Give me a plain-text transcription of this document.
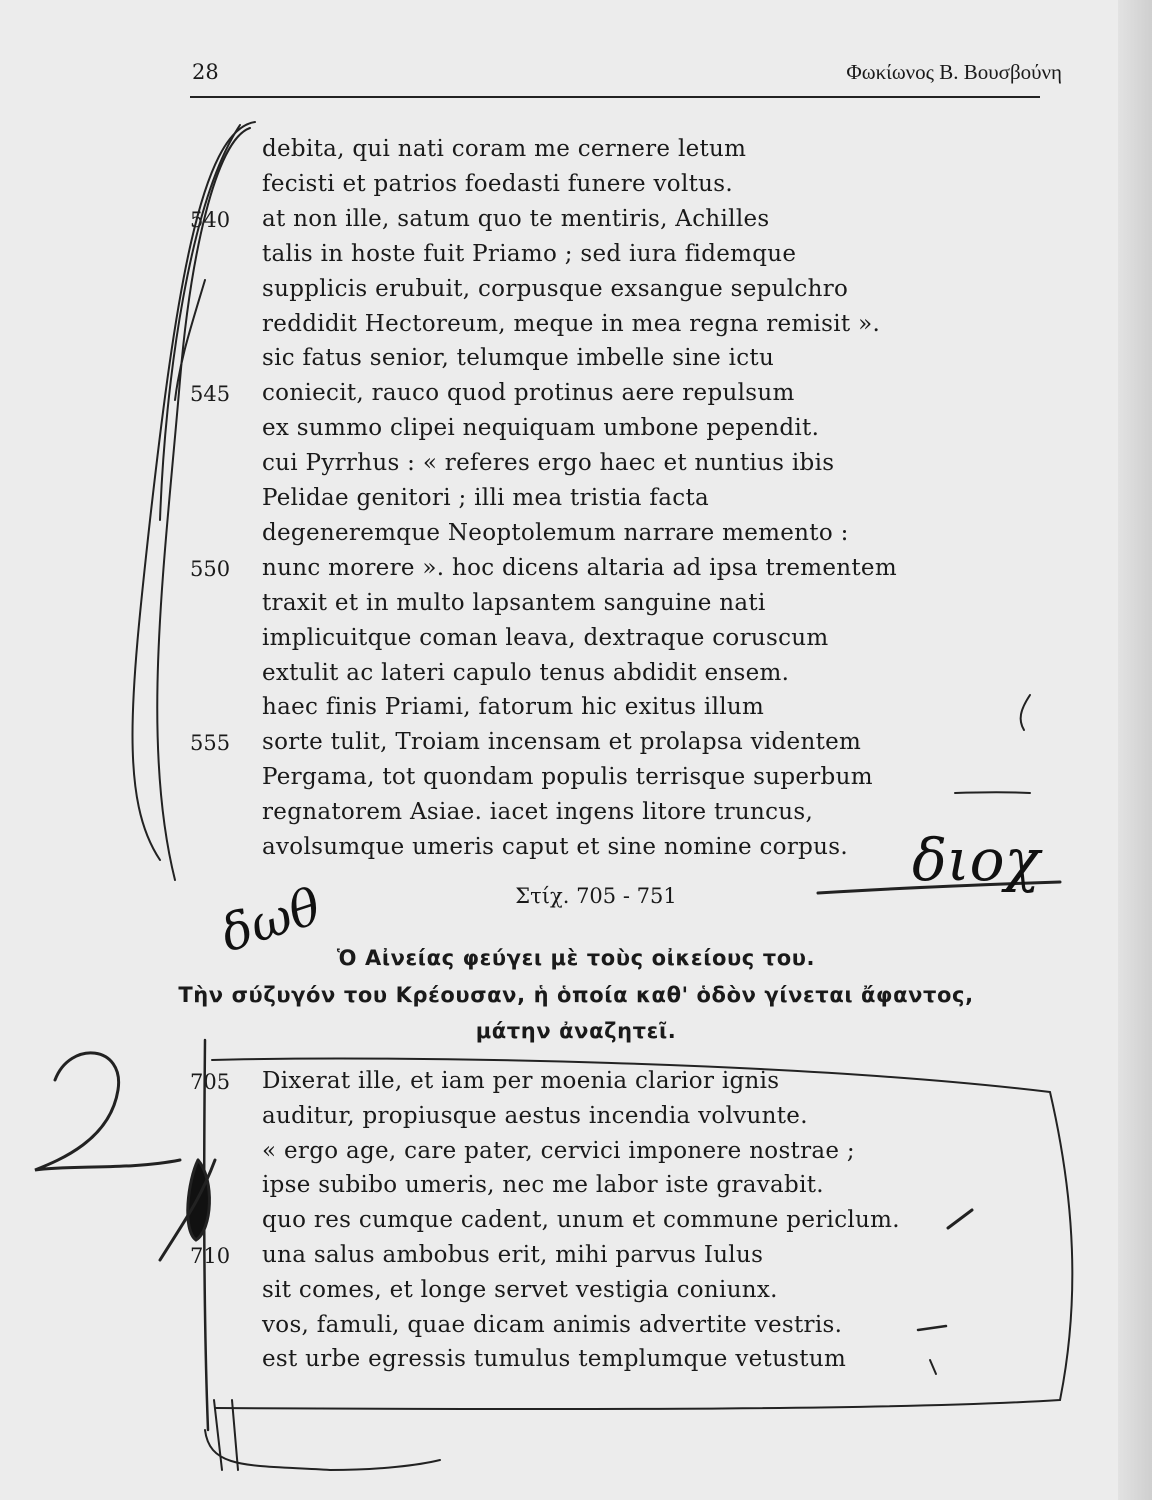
28	Φωκίωνος Β. Βουσβούνη
debita, qui nati coram me cernere letum
fecisti et patrios foedasti funere voltus.
at non ille, satum quo te mentiris, Achilles
talis in hoste fuit Priamo ; sed iura fidemque
supplicis erubuit, corpusque exsangue sepulchro
reddidit Hectoreum, meque in mea regna remisit ».
sic fatus senior, telumque imbelle sine ictu
coniecit, rauco quod protinus aere repulsum
ex summo clipei nequiquam umbone pependit.
cui Pyrrhus : « referes ergo haec et nuntius ibis
Pelidae genitori ; illi mea tristia facta
degeneremque Neoptolemum narrare memento :
nunc morere ». hoc dicens altaria ad ipsa trementem
traxit et in multo lapsantem sanguine nati
implicuitque coman leava, dextraque coruscum
extulit ac lateri capulo tenus abdidit ensem.
haec finis Priami, fatorum hic exitus illum
sorte tulit, Troiam incensam et prolapsa videntem
Pergama, tot quondam populis terrisque superbum
regnatorem Asiae. iacet ingens litore truncus,
avolsumque umeris caput et sine nomine corpus.
540
545
550
555
Στίχ. 705 - 751
Ὁ Αἰνείας φεύγει μὲ τοὺς οἰκείους του.
Τὴν σύζυγόν του Κρέουσαν, ἡ ὁποία καθ' ὁδὸν γίνεται ἄφαντος,
μάτην ἀναζητεῖ.
Dixerat ille, et iam per moenia clarior ignis
auditur, propiusque aestus incendia volvunte.
« ergo age, care pater, cervici imponere nostrae ;
ipse subibo umeris, nec me labor iste gravabit.
quo res cumque cadent, unum et commune periclum.
una salus ambobus erit, mihi parvus Iulus
sit comes, et longe servet vestigia coniunx.
vos, famuli, quae dicam animis advertite vestris.
est urbe egressis tumulus templumque vetustum
705
710
διοχ
δωθ
